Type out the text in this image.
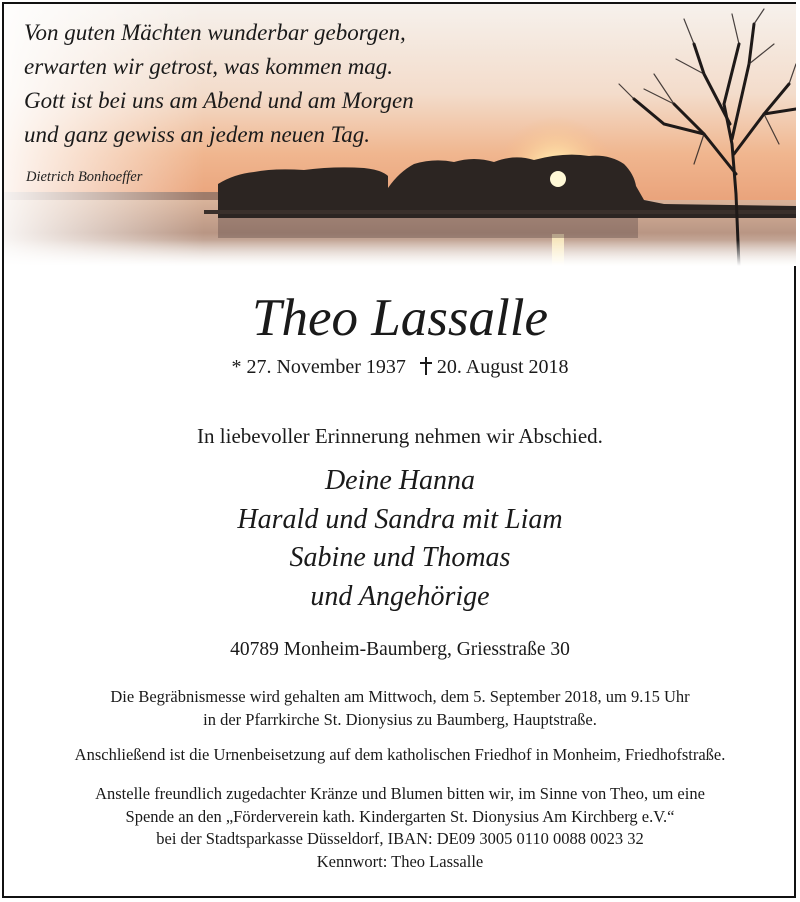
Von guten Mächten wunderbar geborgen,
erwarten wir getrost, was kommen mag.
Gott ist bei uns am Abend und am Morgen
und ganz gewiss an jedem neuen Tag.
Dietrich Bonhoeffer
Theo Lassalle
* 27. November 1937 20. August 2018
In liebevoller Erinnerung nehmen wir Abschied.
Deine Hanna
Harald und Sandra mit Liam
Sabine und Thomas
und Angehörige
40789 Monheim-Baumberg, Griesstraße 30
Die Begräbnismesse wird gehalten am Mittwoch, dem 5. September 2018, um 9.15 Uhr
in der Pfarrkirche St. Dionysius zu Baumberg, Hauptstraße.
Anschließend ist die Urnenbeisetzung auf dem katholischen Friedhof in Monheim, Friedhofstraße.
Anstelle freundlich zugedachter Kränze und Blumen bitten wir, im Sinne von Theo, um eine
Spende an den „Förderverein kath. Kindergarten St. Dionysius Am Kirchberg e.V.“
bei der Stadtsparkasse Düsseldorf, IBAN: DE09 3005 0110 0088 0023 32
Kennwort: Theo Lassalle
